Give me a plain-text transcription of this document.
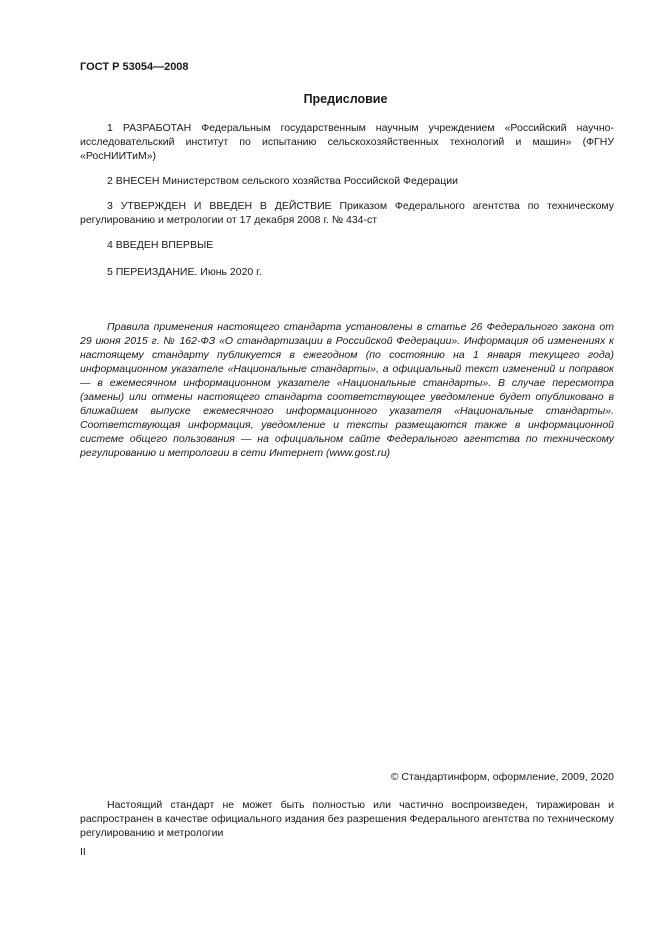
ГОСТ Р 53054—2008
Предисловие
1 РАЗРАБОТАН Федеральным государственным научным учреждением «Российский научно-исследовательский институт по испытанию сельскохозяйственных технологий и машин» (ФГНУ «РосНИИТиМ»)
2 ВНЕСЕН Министерством сельского хозяйства Российской Федерации
3 УТВЕРЖДЕН И ВВЕДЕН В ДЕЙСТВИЕ Приказом Федерального агентства по техническому регулированию и метрологии от 17 декабря 2008 г. № 434-ст
4 ВВЕДЕН ВПЕРВЫЕ
5 ПЕРЕИЗДАНИЕ. Июнь 2020 г.
Правила применения настоящего стандарта установлены в статье 26 Федерального закона от 29 июня 2015 г. № 162-ФЗ «О стандартизации в Российской Федерации». Информация об изменениях к настоящему стандарту публикуется в ежегодном (по состоянию на 1 января текущего года) информационном указателе «Национальные стандарты», а официальный текст изменений и поправок — в ежемесячном информационном указателе «Национальные стандарты». В случае пересмотра (замены) или отмены настоящего стандарта соответствующее уведомление будет опубликовано в ближайшем выпуске ежемесячного информационного указателя «Национальные стандарты». Соответствующая информация, уведомление и тексты размещаются также в информационной системе общего пользования — на официальном сайте Федерального агентства по техническому регулированию и метрологии в сети Интернет (www.gost.ru)
© Стандартинформ, оформление, 2009, 2020
Настоящий стандарт не может быть полностью или частично воспроизведен, тиражирован и распространен в качестве официального издания без разрешения Федерального агентства по техническому регулированию и метрологии
II
